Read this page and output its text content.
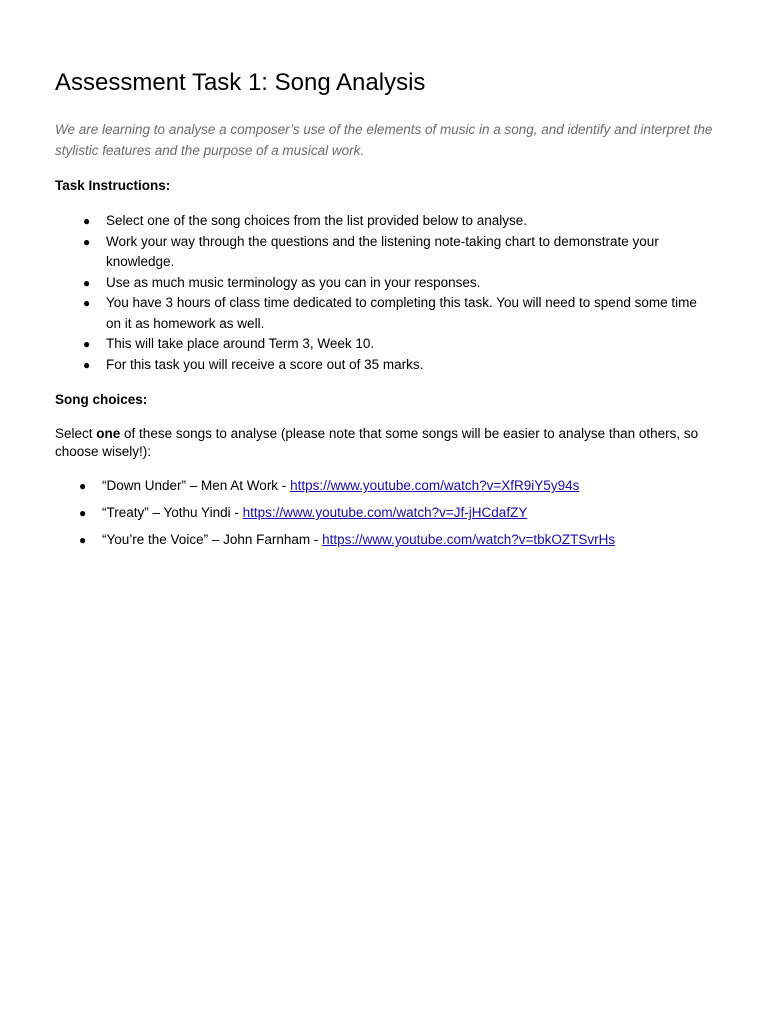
Assessment Task 1: Song Analysis

We are learning to analyse a composer’s use of the elements of music in a song, and identify and interpret the stylistic features and the purpose of a musical work.

Task Instructions:

● Select one of the song choices from the list provided below to analyse.
● Work your way through the questions and the listening note-taking chart to demonstrate your knowledge.
● Use as much music terminology as you can in your responses.
● You have 3 hours of class time dedicated to completing this task. You will need to spend some time on it as homework as well.
● This will take place around Term 3, Week 10.
● For this task you will receive a score out of 35 marks.

Song choices:

Select one of these songs to analyse (please note that some songs will be easier to analyse than others, so choose wisely!):

● “Down Under” – Men At Work - https://www.youtube.com/watch?v=XfR9iY5y94s
● “Treaty” – Yothu Yindi - https://www.youtube.com/watch?v=Jf-jHCdafZY
● “You’re the Voice” – John Farnham - https://www.youtube.com/watch?v=tbkOZTSvrHs
